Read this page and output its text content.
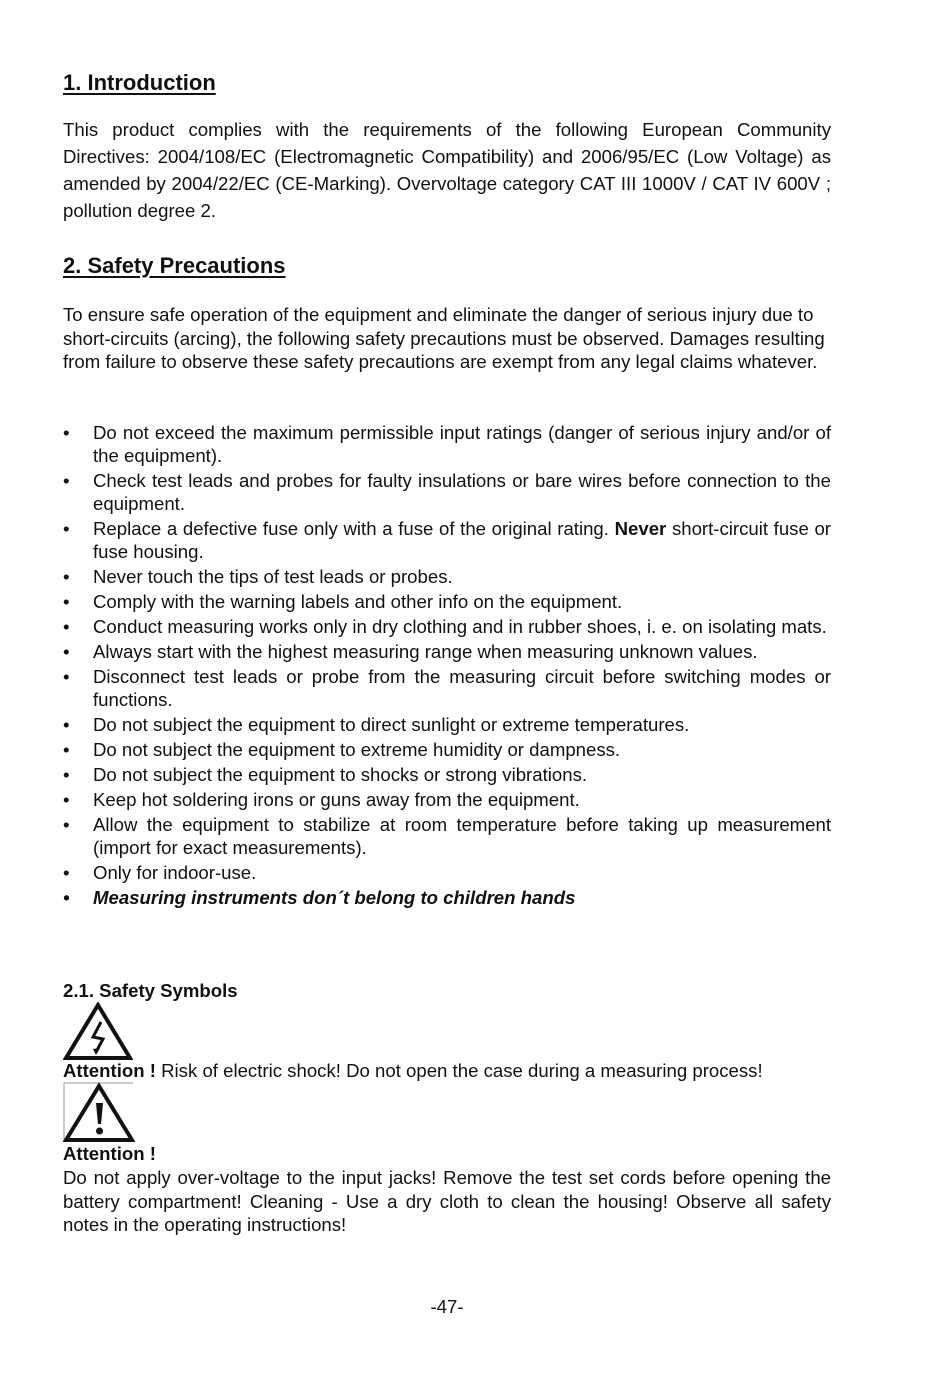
1. Introduction
This product complies with the requirements of the following European Community Directives: 2004/108/EC (Electromagnetic Compatibility) and 2006/95/EC (Low Voltage) as amended by 2004/22/EC (CE-Marking). Overvoltage category CAT III 1000V / CAT IV 600V ; pollution degree 2.
2. Safety Precautions
To ensure safe operation of the equipment and eliminate the danger of serious injury due to short-circuits (arcing), the following safety precautions must be observed. Damages resulting from failure to observe these safety precautions are exempt from any legal claims whatever.
• Do not exceed the maximum permissible input ratings (danger of serious injury and/or of the equipment).
• Check test leads and probes for faulty insulations or bare wires before connection to the equipment.
• Replace a defective fuse only with a fuse of the original rating. Never short-circuit fuse or fuse housing.
• Never touch the tips of test leads or probes.
• Comply with the warning labels and other info on the equipment.
• Conduct measuring works only in dry clothing and in rubber shoes, i. e. on isolating mats.
• Always start with the highest measuring range when measuring unknown values.
• Disconnect test leads or probe from the measuring circuit before switching modes or functions.
• Do not subject the equipment to direct sunlight or extreme temperatures.
• Do not subject the equipment to extreme humidity or dampness.
• Do not subject the equipment to shocks or strong vibrations.
• Keep hot soldering irons or guns away from the equipment.
• Allow the equipment to stabilize at room temperature before taking up measurement (import for exact measurements).
• Only for indoor-use.
• Measuring instruments don´t belong to children hands
2.1. Safety Symbols
Attention ! Risk of electric shock! Do not open the case during a measuring process!
Attention !
Do not apply over-voltage to the input jacks! Remove the test set cords before opening the battery compartment! Cleaning - Use a dry cloth to clean the housing! Observe all safety notes in the operating instructions!
-47-
